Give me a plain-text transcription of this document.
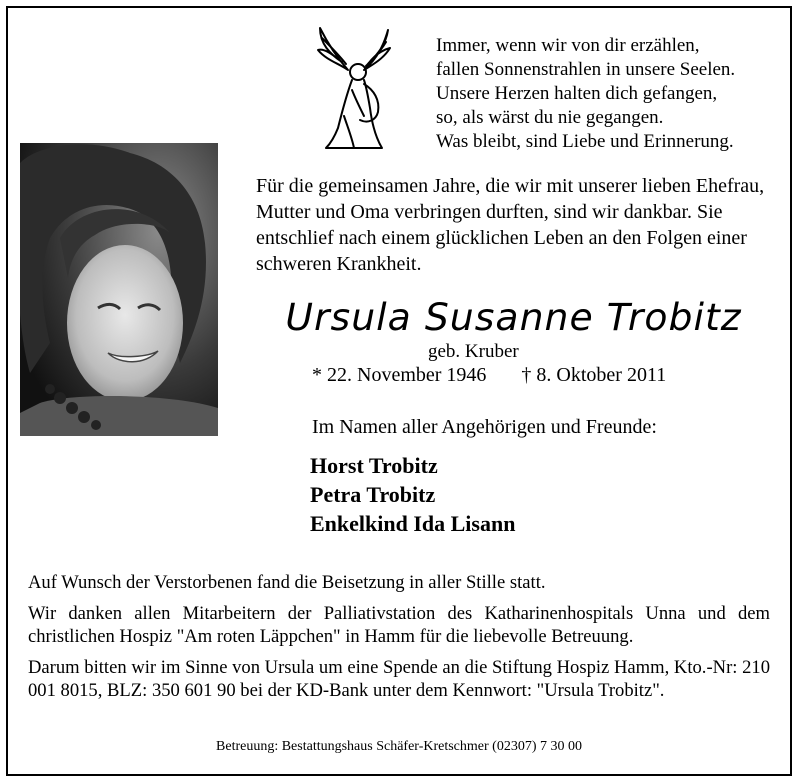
Immer, wenn wir von dir erzählen,
fallen Sonnenstrahlen in unsere Seelen.
Unsere Herzen halten dich gefangen,
so, als wärst du nie gegangen.
Was bleibt, sind Liebe und Erinnerung.
Für die gemeinsamen Jahre, die wir mit unserer lieben Ehefrau, Mutter und Oma verbringen durften, sind wir dankbar. Sie entschlief nach einem glücklichen Leben an den Folgen einer schweren Krankheit.
Ursula Susanne Trobitz
geb. Kruber
* 22. November 1946 † 8. Oktober 2011
Im Namen aller Angehörigen und Freunde:
Horst Trobitz
Petra Trobitz
Enkelkind Ida Lisann

Auf Wunsch der Verstorbenen fand die Beisetzung in aller Stille statt.

Wir danken allen Mitarbeitern der Palliativstation des Katharinenhospitals Unna und dem christlichen Hospiz "Am roten Läppchen" in Hamm für die liebevolle Betreuung.

Darum bitten wir im Sinne von Ursula um eine Spende an die Stiftung Hospiz Hamm, Kto.-Nr: 210 001 8015, BLZ: 350 601 90 bei der KD-Bank unter dem Kennwort: "Ursula Trobitz".

Betreuung: Bestattungshaus Schäfer-Kretschmer (02307) 7 30 00
